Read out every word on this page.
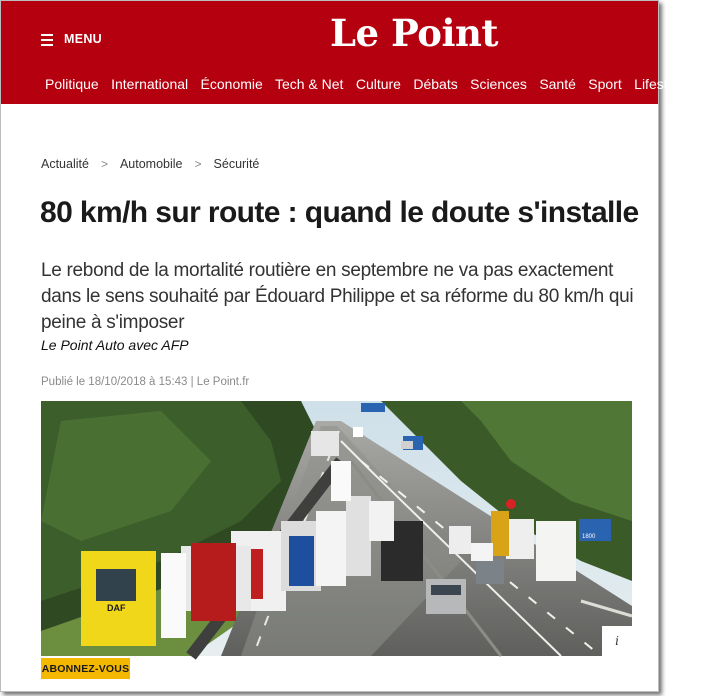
MENU	Le Point
Politique International Économie Tech & Net Culture Débats Sciences Santé Sport Lifestyle Afr
Actualité > Automobile > Sécurité
80 km/h sur route : quand le doute s'installe

Le rebond de la mortalité routière en septembre ne va pas exactement dans le sens souhaité par Édouard Philippe et sa réforme du 80 km/h qui peine à s'imposer

Le Point Auto avec AFP
Publié le 18/10/2018 à 15:43 | Le Point.fr
1800
DAF
i
ABONNEZ-VOUS
